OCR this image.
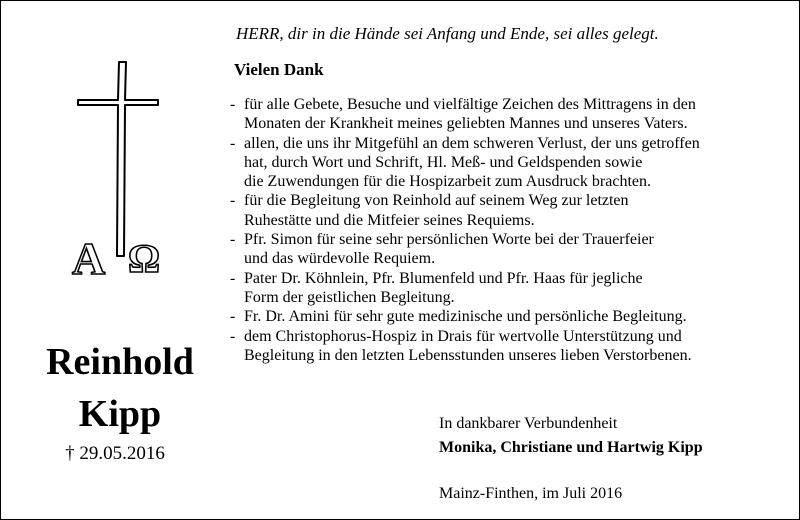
A Ω
Reinhold
Kipp
† 29.05.2016
HERR, dir in die Hände sei Anfang und Ende, sei alles gelegt.
Vielen Dank
- für alle Gebete, Besuche und vielfältige Zeichen des Mittragens in den
Monaten der Krankheit meines geliebten Mannes und unseres Vaters.
- allen, die uns ihr Mitgefühl an dem schweren Verlust, der uns getroffen
hat, durch Wort und Schrift, Hl. Meß- und Geldspenden sowie
die Zuwendungen für die Hospizarbeit zum Ausdruck brachten.
- für die Begleitung von Reinhold auf seinem Weg zur letzten
Ruhestätte und die Mitfeier seines Requiems.
- Pfr. Simon für seine sehr persönlichen Worte bei der Trauerfeier
und das würdevolle Requiem.
- Pater Dr. Köhnlein, Pfr. Blumenfeld und Pfr. Haas für jegliche
Form der geistlichen Begleitung.
- Fr. Dr. Amini für sehr gute medizinische und persönliche Begleitung.
- dem Christophorus-Hospiz in Drais für wertvolle Unterstützung und
Begleitung in den letzten Lebensstunden unseres lieben Verstorbenen.
In dankbarer Verbundenheit
Monika, Christiane und Hartwig Kipp
Mainz-Finthen, im Juli 2016
